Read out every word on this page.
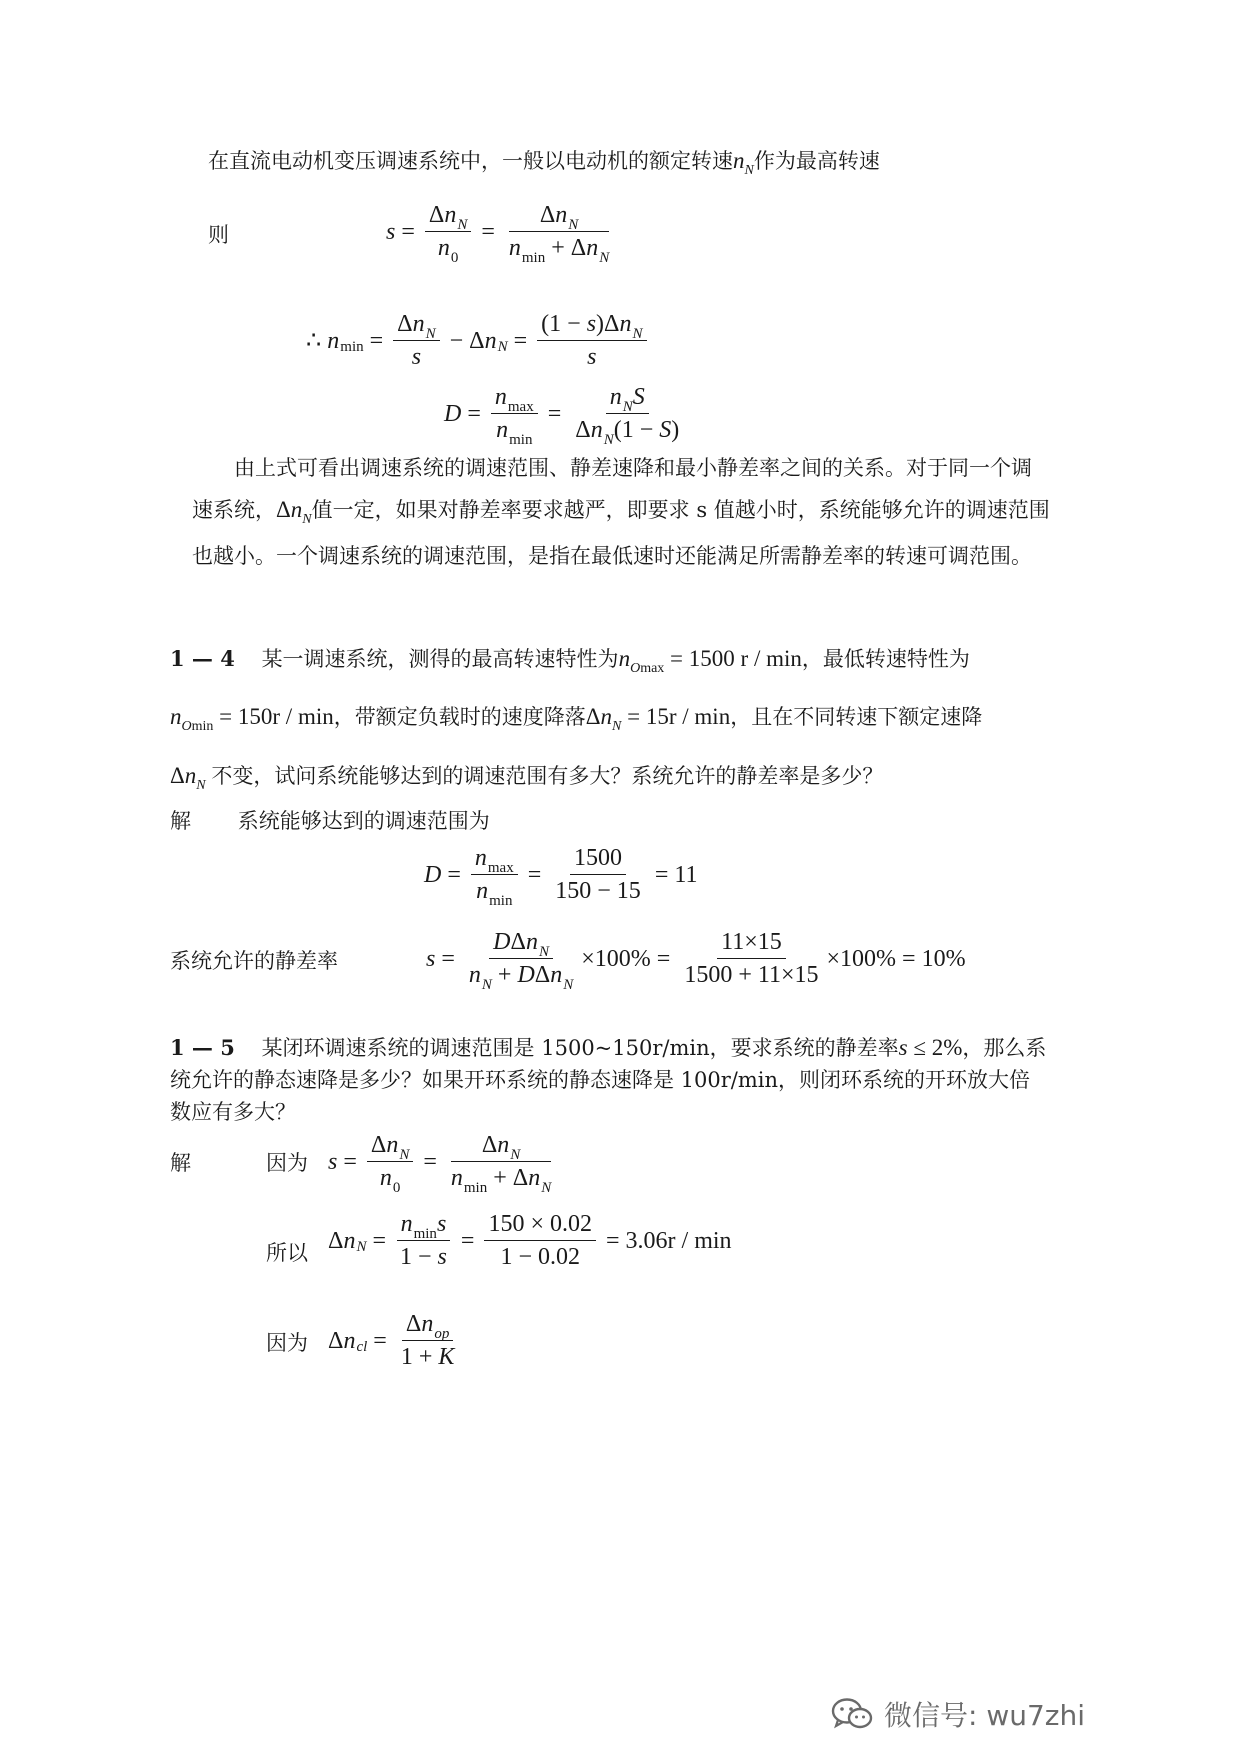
在直流电动机变压调速系统中，一般以电动机的额定转速$n_N$作为最高转速
则	$s = \frac{\Delta n_N}{n_0} = \frac{\Delta n_N}{n_{min} + \Delta n_N}$
∴
n $\min = \frac{\Delta n_N}{s} - \Delta$ n $N = \frac{(1 - s)\Delta n_N}{s}$
$D = \frac{n_{max}}{n_{min}} = \frac{n_NS}{\Delta n_N(1 - S)}$
由上式可看出调速系统的调速范围、静差速降和最小静差率之间的关系。对于同一个调速系统，$\Delta n_N$值一定，如果对静差率要求越严，即要求 s 值越小时，系统能够允许的调速范围也越小。一个调速系统的调速范围，是指在最低速时还能满足所需静差率的转速可调范围。
1 — 4 某一调速系统，测得的最高转速特性为$n_{Omax} = 1500$ r / min，最低转速特性为
$n_{Omin} = 150r / \min$，带额定负载时的速度降落$\Delta n_N = 15r / \min$，且在不同转速下额定速降
$\Delta n_N$ 不变，试问系统能够达到的调速范围有多大？系统允许的静差率是多少？
解 系统能够达到的调速范围为
$D = \frac{n_{max}}{n_{min}} = \frac{1500}{150 - 15} = 11$
系统允许的静差率	$s = \frac{D\Delta n_N}{n_N + D\Delta n_N} \times 100\% = \frac{11\times 15}{1500 + 11\times 15} \times 100\% = 10\%$
1 — 5 某闭环调速系统的调速范围是 1500~150r/min，要求系统的静差率s ≤ 2%，那么系统允许的静态速降是多少？如果开环系统的静态速降是 100r/min，则闭环系统的开环放大倍数应有多大？
解	因为 $s = \frac{\Delta n_N}{n_0} = \frac{\Delta n_N}{n_{min} + \Delta n_N}$
所以 Δ n $N = \frac{n_{min}s}{1 - s} = \frac{150 \times 0.02}{1 - 0.02} = 3.06$ r / min
因为 Δ n cl = $\frac{\Delta n_{op}}{1 + K}$
微信号: wu7zhi
